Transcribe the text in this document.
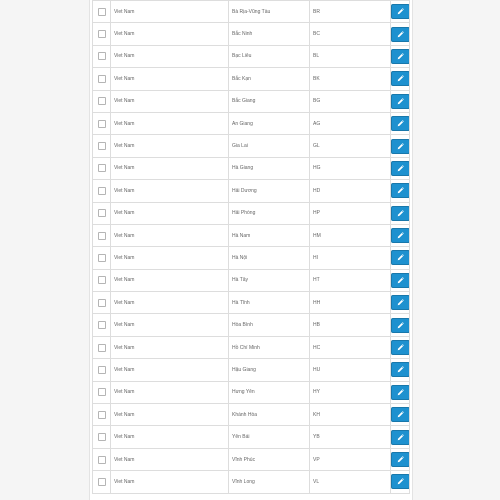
	Viet Nam	Bà Rịa-Vũng Tàu	BR	

	Viet Nam	Bắc Ninh	BC	

	Viet Nam	Bạc Liêu	BL	

	Viet Nam	Bắc Kạn	BK	

	Viet Nam	Bắc Giang	BG	

	Viet Nam	An Giang	AG	

	Viet Nam	Gia Lai	GL	

	Viet Nam	Hà Giang	HG	

	Viet Nam	Hải Dương	HD	

	Viet Nam	Hải Phòng	HP	

	Viet Nam	Hà Nam	HM	

	Viet Nam	Hà Nội	HI	

	Viet Nam	Hà Tây	HT	

	Viet Nam	Hà Tĩnh	HH	

	Viet Nam	Hòa Bình	HB	

	Viet Nam	Hồ Chí Minh	HC	

	Viet Nam	Hậu Giang	HU	

	Viet Nam	Hưng Yên	HY	

	Viet Nam	Khánh Hòa	KH	

	Viet Nam	Yên Bái	YB	

	Viet Nam	Vĩnh Phúc	VP	

	Viet Nam	Vĩnh Long	VL	
